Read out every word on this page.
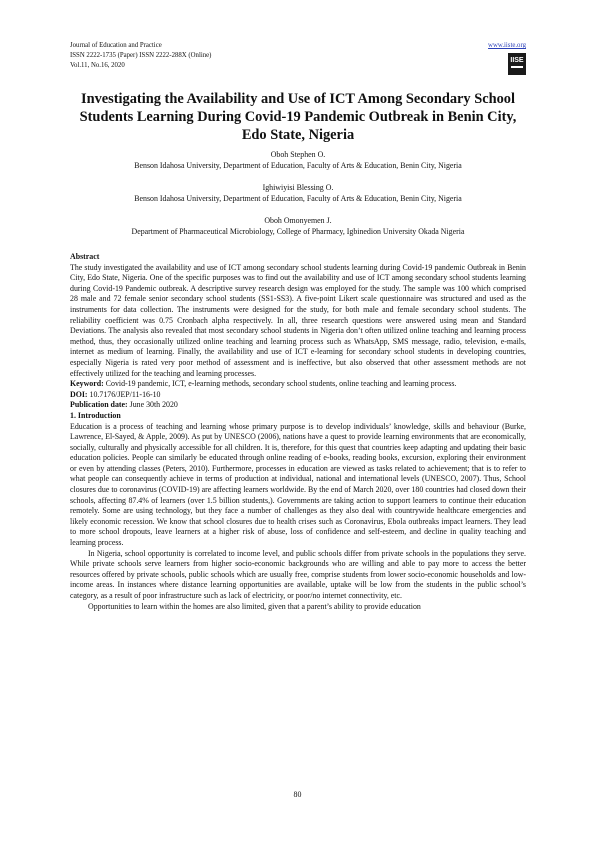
Journal of Education and Practice
ISSN 2222-1735 (Paper) ISSN 2222-288X (Online)
Vol.11, No.16, 2020
www.iiste.org
IISE
Investigating the Availability and Use of ICT Among Secondary School Students Learning During Covid-19 Pandemic Outbreak in Benin City, Edo State, Nigeria
Oboh Stephen O.
Benson Idahosa University, Department of Education, Faculty of Arts & Education, Benin City, Nigeria
Ighiwiyisi Blessing O.
Benson Idahosa University, Department of Education, Faculty of Arts & Education, Benin City, Nigeria
Oboh Omonyemen J.
Department of Pharmaceutical Microbiology, College of Pharmacy, Igbinedion University Okada Nigeria

Abstract

The study investigated the availability and use of ICT among secondary school students learning during Covid-19 pandemic Outbreak in Benin City, Edo State, Nigeria. One of the specific purposes was to find out the availability and use of ICT among secondary school students learning during Covid-19 Pandemic outbreak. A descriptive survey research design was employed for the study. The sample was 100 which comprised 28 male and 72 female senior secondary school students (SS1-SS3). A five-point Likert scale questionnaire was structured and used as the instruments for data collection. The instruments were designed for the study, for both male and female secondary school students. The reliability coefficient was 0.75 Cronbach alpha respectively. In all, three research questions were answered using mean and Standard Deviations. The analysis also revealed that most secondary school students in Nigeria don’t often utilized online teaching and learning process method, thus, they occasionally utilized online teaching and learning process such as WhatsApp, SMS message, radio, television, e-mails, internet as medium of learning. Finally, the availability and use of ICT e-learning for secondary school students in developing countries, especially Nigeria is rated very poor method of assessment and is ineffective, but also observed that other assessment methods are not effectively utilized for the teaching and learning processes.

Keyword: Covid-19 pandemic, ICT, e-learning methods, secondary school students, online teaching and learning process.

DOI: 10.7176/JEP/11-16-10

Publication date: June 30th 2020

1. Introduction

Education is a process of teaching and learning whose primary purpose is to develop individuals’ knowledge, skills and behaviour (Burke, Lawrence, El-Sayed, & Apple, 2009). As put by UNESCO (2006), nations have a quest to provide learning environments that are economically, socially, culturally and physically accessible for all children. It is, therefore, for this quest that countries keep adapting and updating their basic education policies. People can similarly be educated through online reading of e-books, reading books, excursion, exploring their environment or even by attending classes (Peters, 2010). Furthermore, processes in education are viewed as tasks related to achievement; that is to refer to what people can consequently achieve in terms of production at individual, national and international levels (UNESCO, 2007). Thus, School closures due to coronavirus (COVID-19) are affecting learners worldwide. By the end of March 2020, over 180 countries had closed down their schools, affecting 87.4% of learners (over 1.5 billion students,). Governments are taking action to support learners to continue their education remotely. Some are using technology, but they face a number of challenges as they also deal with countrywide healthcare emergencies and likely economic recession. We know that school closures due to health crises such as Coronavirus, Ebola outbreaks impact learners. They lead to more school dropouts, leave learners at a higher risk of abuse, loss of confidence and self-esteem, and decline in quality teaching and learning process.

In Nigeria, school opportunity is correlated to income level, and public schools differ from private schools in the populations they serve. While private schools serve learners from higher socio-economic backgrounds who are willing and able to pay more to access the better resources offered by private schools, public schools which are usually free, comprise students from lower socio-economic households and low-income areas. In instances where distance learning opportunities are available, uptake will be low from the students in the public school’s category, as a result of poor infrastructure such as lack of electricity, or poor/no internet connectivity, etc.

Opportunities to learn within the homes are also limited, given that a parent’s ability to provide education

80
